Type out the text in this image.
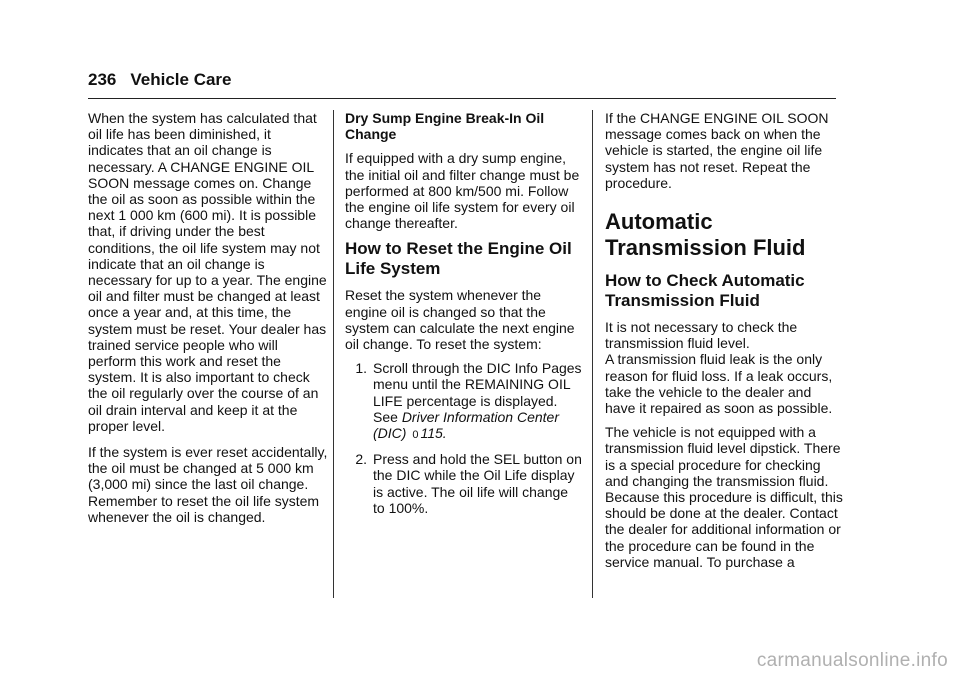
236 Vehicle Care

When the system has calculated that oil life has been diminished, it indicates that an oil change is necessary. A CHANGE ENGINE OIL SOON message comes on. Change the oil as soon as possible within the next 1 000 km (600 mi). It is possible that, if driving under the best conditions, the oil life system may not indicate that an oil change is necessary for up to a year. The engine oil and filter must be changed at least once a year and, at this time, the system must be reset. Your dealer has trained service people who will perform this work and reset the system. It is also important to check the oil regularly over the course of an oil drain interval and keep it at the proper level.

If the system is ever reset accidentally, the oil must be changed at 5 000 km (3,000 mi) since the last oil change. Remember to reset the oil life system whenever the oil is changed.

Dry Sump Engine Break-In Oil Change

If equipped with a dry sump engine, the initial oil and filter change must be performed at 800 km/500 mi. Follow the engine oil life system for every oil change thereafter.

How to Reset the Engine Oil Life System

Reset the system whenever the engine oil is changed so that the system can calculate the next engine oil change. To reset the system:

1. Scroll through the DIC Info Pages menu until the REMAINING OIL LIFE percentage is displayed. See Driver Information Center (DIC) 0 115.
2. Press and hold the SEL button on the DIC while the Oil Life display is active. The oil life will change to 100%.

If the CHANGE ENGINE OIL SOON message comes back on when the vehicle is started, the engine oil life system has not reset. Repeat the procedure.

Automatic Transmission Fluid
How to Check Automatic Transmission Fluid

It is not necessary to check the transmission fluid level.

A transmission fluid leak is the only reason for fluid loss. If a leak occurs, take the vehicle to the dealer and have it repaired as soon as possible.

The vehicle is not equipped with a transmission fluid level dipstick. There is a special procedure for checking and changing the transmission fluid. Because this procedure is difficult, this should be done at the dealer. Contact the dealer for additional information or the procedure can be found in the service manual. To purchase a

carmanualsonline.info
